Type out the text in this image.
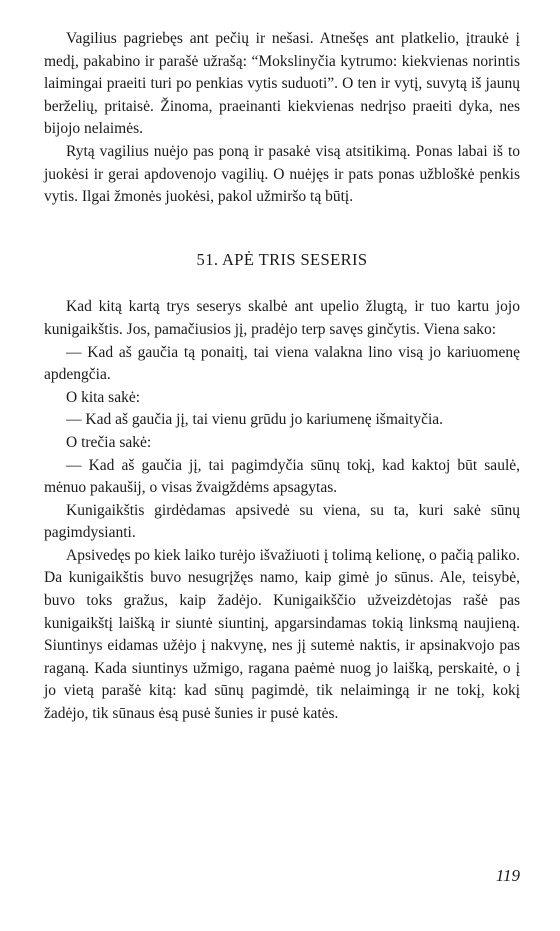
Vagilius pagriebęs ant pečių ir nešasi. Atnešęs ant platkelio, įtraukė į medį, pakabino ir parašė užrašą: “Mokslinyčia kytrumo: kiekvienas norintis laimingai praeiti turi po penkias vytis suduoti”. O ten ir vytį, suvytą iš jaunų berželių, pritaisė. Žinoma, praeinanti kiekvienas nedrįso praeiti dyka, nes bijojo nelaimės.

Rytą vagilius nuėjo pas poną ir pasakė visą atsitikimą. Ponas labai iš to juokėsi ir gerai apdovenojo vagilių. O nuėjęs ir pats ponas užbloškė penkis vytis. Ilgai žmonės juokėsi, pakol užmiršo tą būtį.

51. APĖ TRIS SESERIS

Kad kitą kartą trys seserys skalbė ant upelio žlugtą, ir tuo kartu jojo kunigaikštis. Jos, pamačiusios jį, pradėjo terp savęs ginčytis. Viena sako:

— Kad aš gaučia tą ponaitį, tai viena valakna lino visą jo kariuomenę apdengčia.

O kita sakė:

— Kad aš gaučia jį, tai vienu grūdu jo kariumenę išmaityčia.

O trečia sakė:

— Kad aš gaučia jį, tai pagimdyčia sūnų tokį, kad kaktoj būt saulė, mėnuo pakaušij, o visas žvaigždėms apsagytas.

Kunigaikštis girdėdamas apsivedė su viena, su ta, kuri sakė sūnų pagimdysianti.

Apsivedęs po kiek laiko turėjo išvažiuoti į tolimą kelionę, o pačią paliko. Da kunigaikštis buvo nesugrįžęs namo, kaip gimė jo sūnus. Ale, teisybė, buvo toks gražus, kaip žadėjo. Kunigaikščio užveizdėtojas rašė pas kunigaikštį laišką ir siuntė siuntinį, apgarsindamas tokią linksmą naujieną. Siuntinys eidamas užėjo į nakvynę, nes jį sutemė naktis, ir apsinakvojo pas raganą. Kada siuntinys užmigo, ragana paėmė nuog jo laišką, perskaitė, o į jo vietą parašė kitą: kad sūnų pagimdė, tik nelaimingą ir ne tokį, kokį žadėjo, tik sūnaus ėsą pusė šunies ir pusė katės.

119
